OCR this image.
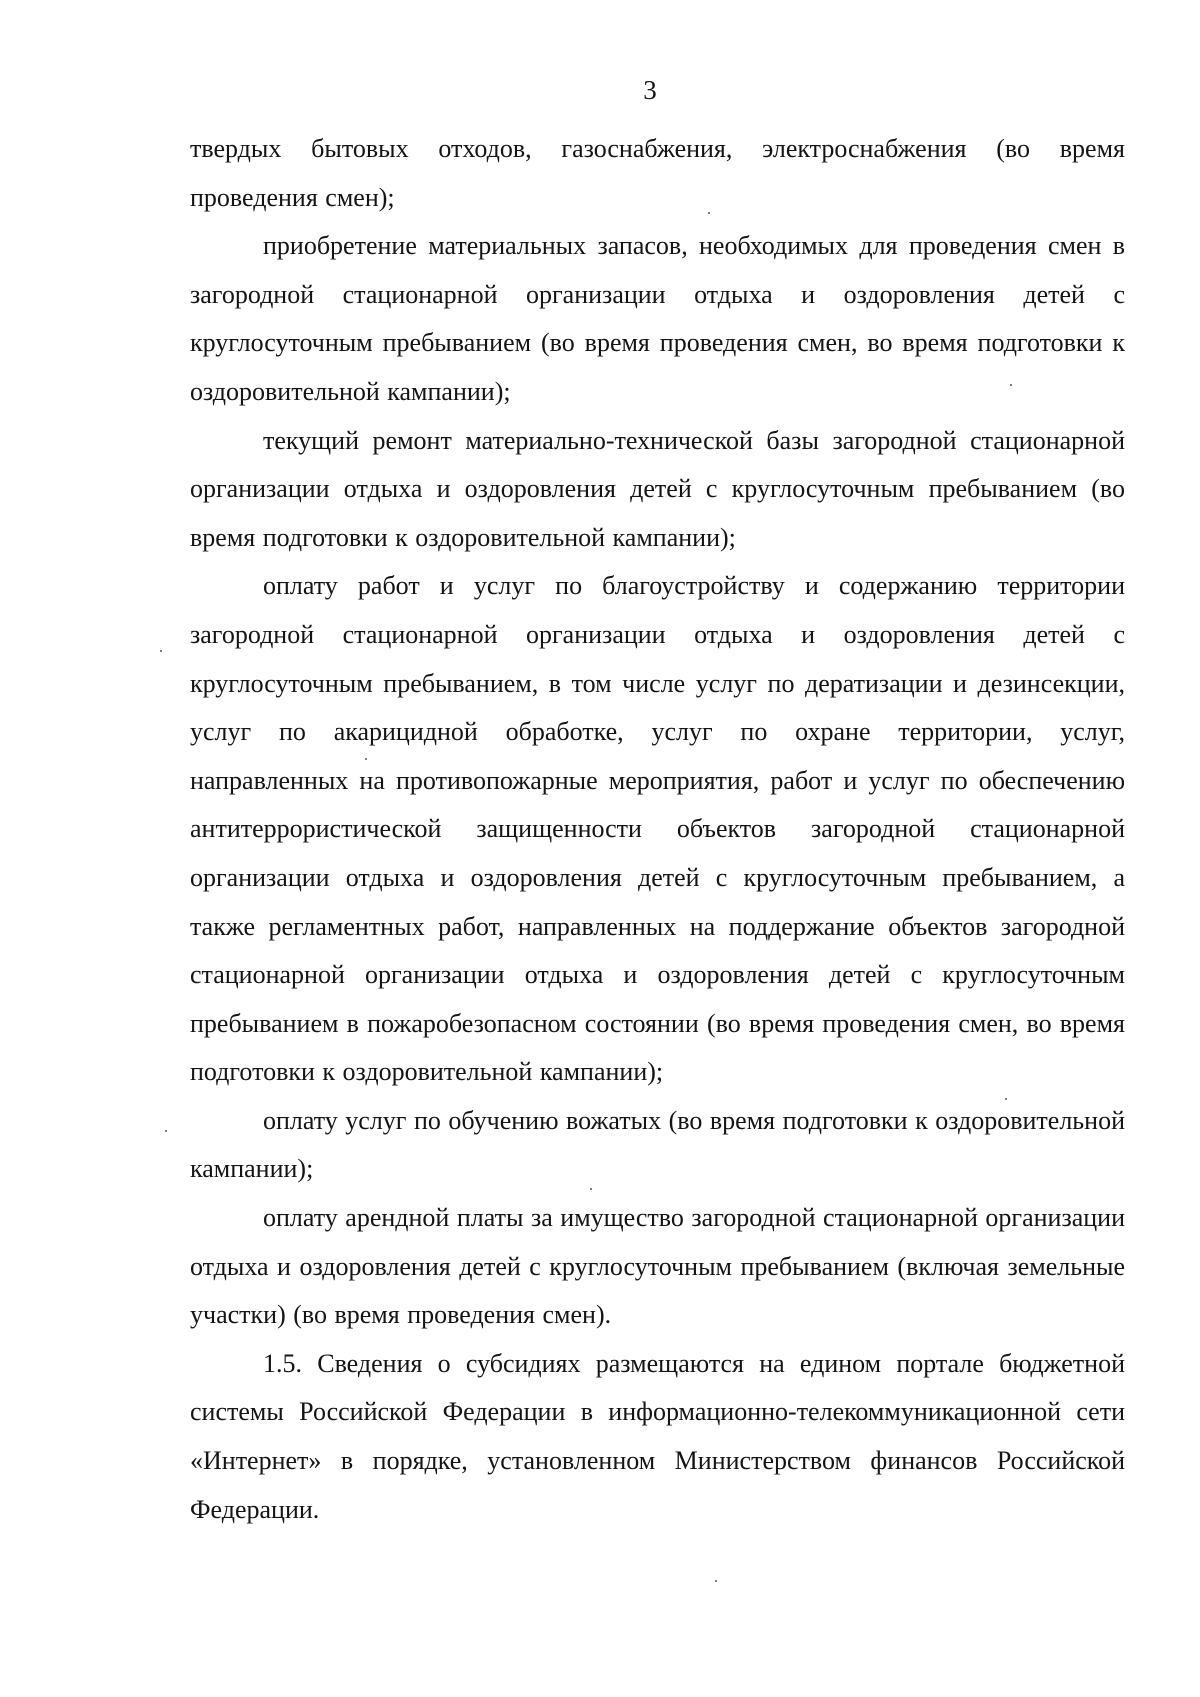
3

твердых бытовых отходов, газоснабжения, электроснабжения (во время проведения смен);

приобретение материальных запасов, необходимых для проведения смен в загородной стационарной организации отдыха и оздоровления детей с круглосуточным пребыванием (во время проведения смен, во время подготовки к оздоровительной кампании);

текущий ремонт материально-технической базы загородной стационарной организации отдыха и оздоровления детей с круглосуточным пребыванием (во время подготовки к оздоровительной кампании);

оплату работ и услуг по благоустройству и содержанию территории загородной стационарной организации отдыха и оздоровления детей с круглосуточным пребыванием, в том числе услуг по дератизации и дезинсекции, услуг по акарицидной обработке, услуг по охране территории, услуг, направленных на противопожарные мероприятия, работ и услуг по обеспечению антитеррористической защищенности объектов загородной стационарной организации отдыха и оздоровления детей с круглосуточным пребыванием, а также регламентных работ, направленных на поддержание объектов загородной стационарной организации отдыха и оздоровления детей с круглосуточным пребыванием в пожаробезопасном состоянии (во время проведения смен, во время подготовки к оздоровительной кампании);

оплату услуг по обучению вожатых (во время подготовки к оздоровительной кампании);

оплату арендной платы за имущество загородной стационарной организации отдыха и оздоровления детей с круглосуточным пребыванием (включая земельные участки) (во время проведения смен).

1.5. Сведения о субсидиях размещаются на едином портале бюджетной системы Российской Федерации в информационно-телекоммуникационной сети «Интернет» в порядке, установленном Министерством финансов Российской Федерации.
